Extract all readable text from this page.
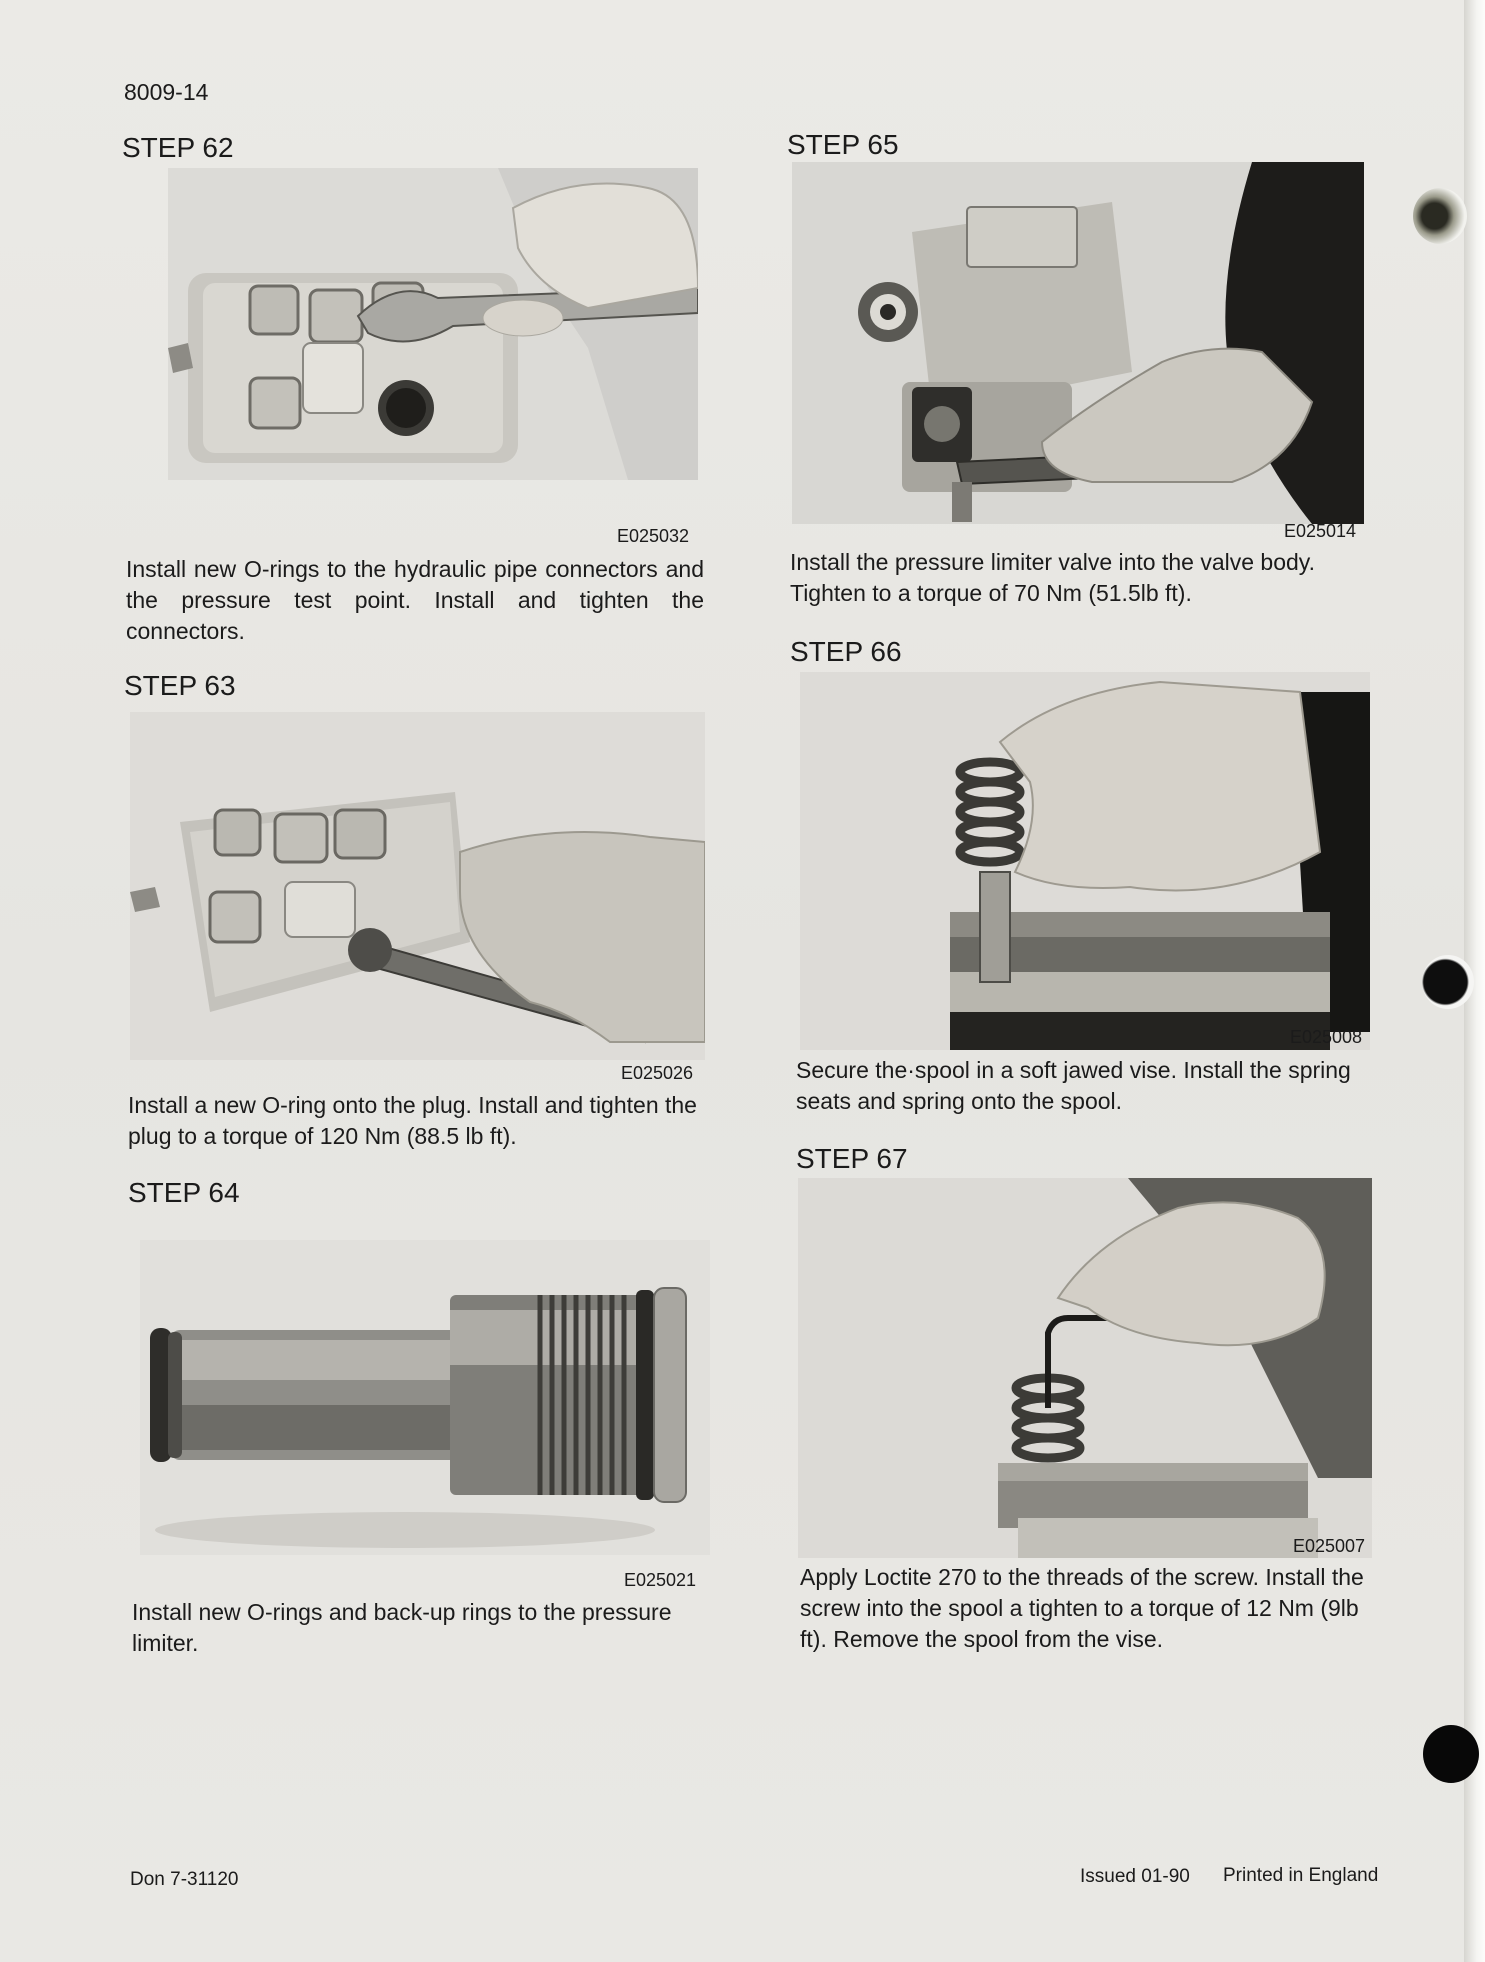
8009-14
STEP 62
E025032
Install new O-rings to the hydraulic pipe connectors and the pressure test point. Install and tighten the connectors.
STEP 63
E025026
Install a new O-ring onto the plug. Install and tighten the plug to a torque of 120 Nm (88.5 lb ft).
STEP 64
E025021
Install new O-rings and back-up rings to the pressure limiter.
STEP 65
E025014
Install the pressure limiter valve into the valve body. Tighten to a torque of 70 Nm (51.5lb ft).
STEP 66
E025008
Secure the·spool in a soft jawed vise. Install the spring seats and spring onto the spool.
STEP 67
E025007
Apply Loctite 270 to the threads of the screw. Install the screw into the spool a tighten to a torque of 12 Nm (9lb ft). Remove the spool from the vise.
Don 7-31120	Issued 01-90 Printed in England
